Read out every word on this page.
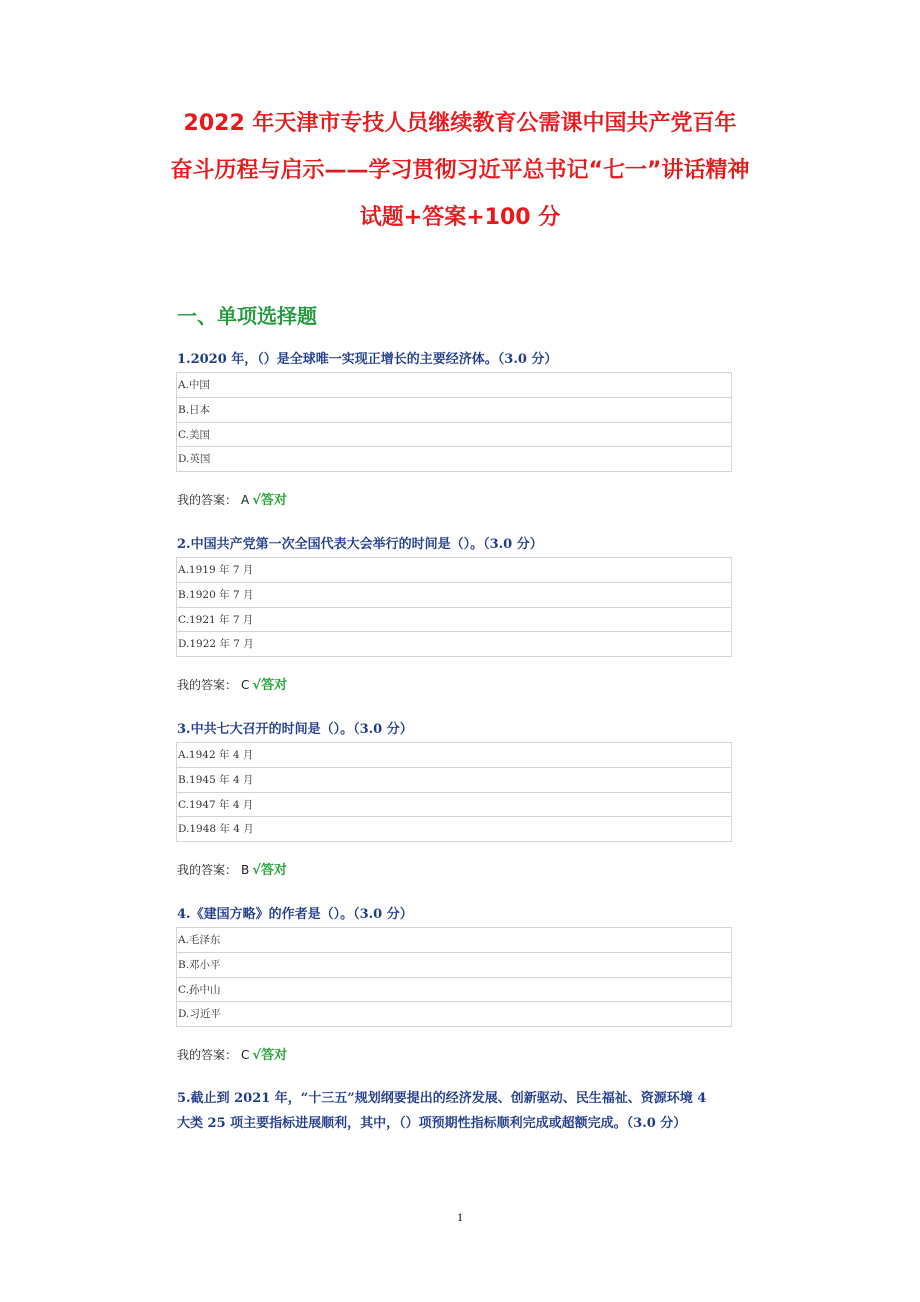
2022 年天津市专技人员继续教育公需课中国共产党百年
奋斗历程与启示——学习贯彻习近平总书记“七一”讲话精神
试题+答案+100 分
一、单项选择题
1.2020 年，（）是全球唯一实现正增长的主要经济体。（3.0 分）
A.中国
B.日本
C.美国
D.英国
我的答案： A √答对
2.中国共产党第一次全国代表大会举行的时间是（）。（3.0 分）
A.1919 年 7 月
B.1920 年 7 月
C.1921 年 7 月
D.1922 年 7 月
我的答案： C √答对
3.中共七大召开的时间是（）。（3.0 分）
A.1942 年 4 月
B.1945 年 4 月
C.1947 年 4 月
D.1948 年 4 月
我的答案： B √答对
4.《建国方略》的作者是（）。（3.0 分）
A.毛泽东
B.邓小平
C.孙中山
D.习近平
我的答案： C √答对
5.截止到 2021 年，“十三五”规划纲要提出的经济发展、创新驱动、民生福祉、资源环境 4
大类 25 项主要指标进展顺利，其中，（）项预期性指标顺利完成或超额完成。（3.0 分）
1
